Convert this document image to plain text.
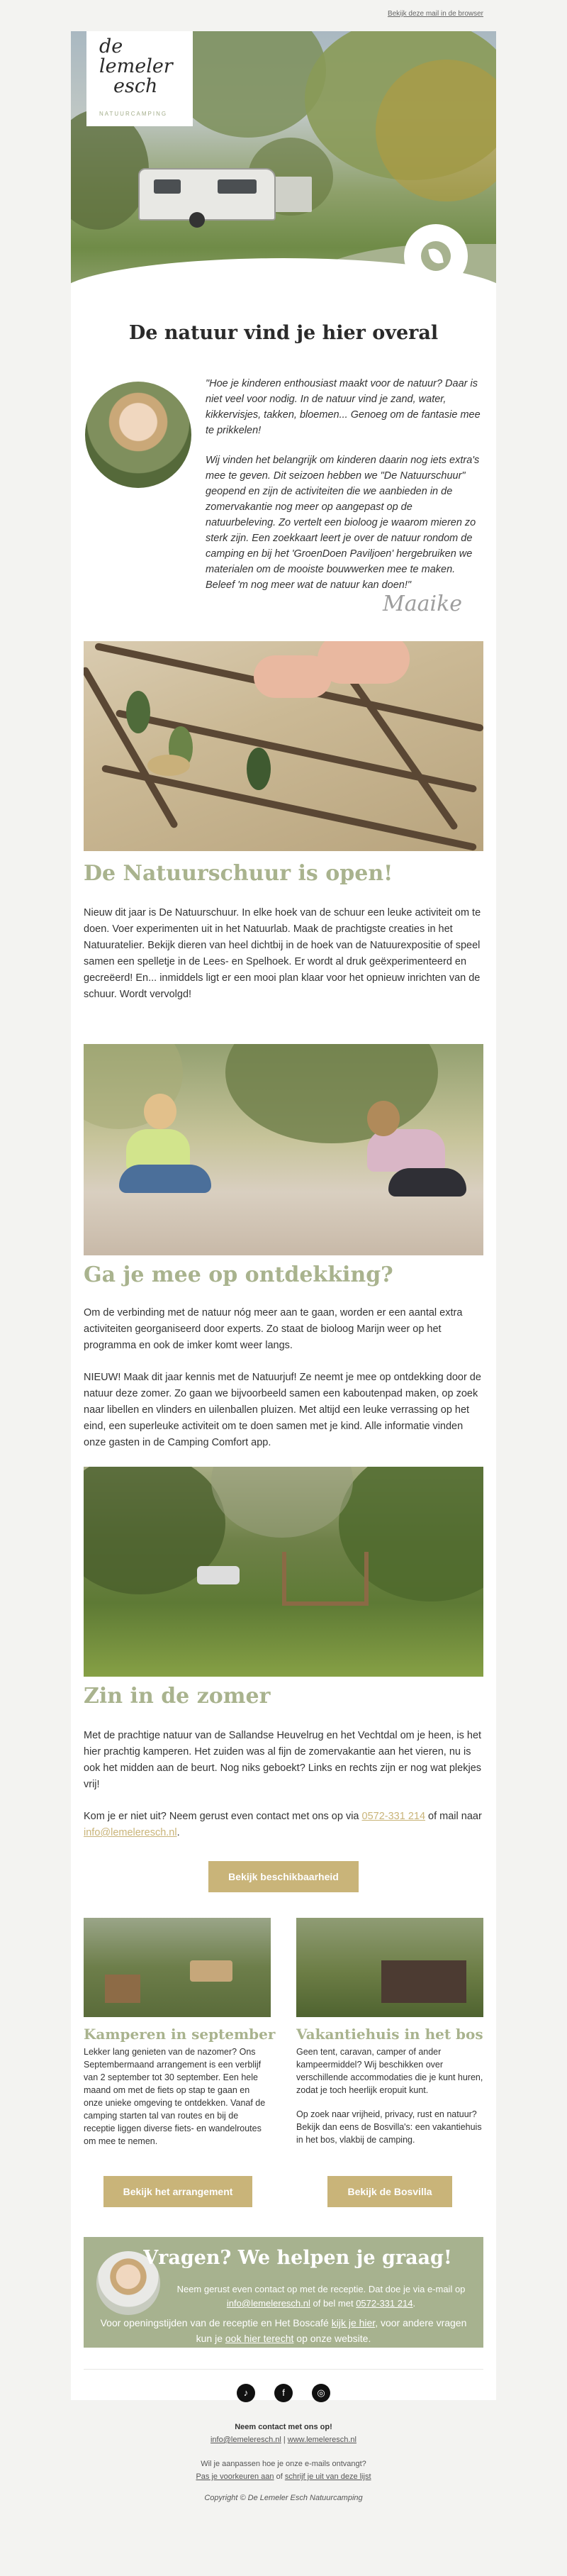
Bekijk deze mail in de browser
de
lemeler
esch
NATUURCAMPING
De natuur vind je hier overal

"Hoe je kinderen enthousiast maakt voor de natuur? Daar is niet veel voor nodig. In de natuur vind je zand, water, kikkervisjes, takken, bloemen... Genoeg om de fantasie mee te prikkelen!

Wij vinden het belangrijk om kinderen daarin nog iets extra's mee te geven. Dit seizoen hebben we "De Natuurschuur" geopend en zijn de activiteiten die we aanbieden in de zomervakantie nog meer op aangepast op de natuurbeleving. Zo vertelt een bioloog je waarom mieren zo sterk zijn. Een zoekkaart leert je over de natuur rondom de camping en bij het 'GroenDoen Paviljoen' hergebruiken we materialen om de mooiste bouwwerken mee te maken. Beleef 'm nog meer wat de natuur kan doen!"

Maaike
De Natuurschuur is open!

Nieuw dit jaar is De Natuurschuur. In elke hoek van de schuur een leuke activiteit om te doen. Voer experimenten uit in het Natuurlab. Maak de prachtigste creaties in het Natuuratelier. Bekijk dieren van heel dichtbij in de hoek van de Natuurexpositie of speel samen een spelletje in de Lees- en Spelhoek. Er wordt al druk geëxperimenteerd en gecreëerd! En... inmiddels ligt er een mooi plan klaar voor het opnieuw inrichten van de schuur. Wordt vervolgd!

Ga je mee op ontdekking?

Om de verbinding met de natuur nóg meer aan te gaan, worden er een aantal extra activiteiten georganiseerd door experts. Zo staat de bioloog Marijn weer op het programma en ook de imker komt weer langs.

NIEUW! Maak dit jaar kennis met de Natuurjuf! Ze neemt je mee op ontdekking door de natuur deze zomer. Zo gaan we bijvoorbeeld samen een kaboutenpad maken, op zoek naar libellen en vlinders en uilenballen pluizen. Met altijd een leuke verrassing op het eind, een superleuke activiteit om te doen samen met je kind. Alle informatie vinden onze gasten in de Camping Comfort app.

Zin in de zomer

Met de prachtige natuur van de Sallandse Heuvelrug en het Vechtdal om je heen, is het hier prachtig kamperen. Het zuiden was al fijn de zomervakantie aan het vieren, nu is ook het midden aan de beurt. Nog niks geboekt? Links en rechts zijn er nog wat plekjes vrij!

Kom je er niet uit? Neem gerust even contact met ons op via 0572-331 214 of mail naar info@lemeleresch.nl.

Bekijk beschikbaarheid
Kamperen in september Vakantiehuis in het bos

Lekker lang genieten van de nazomer? Ons Septembermaand arrangement is een verblijf van 2 september tot 30 september. Een hele maand om met de fiets op stap te gaan en onze unieke omgeving te ontdekken. Vanaf de camping starten tal van routes en bij de receptie liggen diverse fiets- en wandelroutes om mee te nemen.

Geen tent, caravan, camper of ander kampeermiddel? Wij beschikken over verschillende accommodaties die je kunt huren, zodat je toch heerlijk eropuit kunt.

Op zoek naar vrijheid, privacy, rust en natuur? Bekijk dan eens de Bosvilla's: een vakantiehuis in het bos, vlakbij de camping.

Bekijk het arrangement	Bekijk de Bosvilla
Vragen? We helpen je graag!

Neem gerust even contact op met de receptie. Dat doe je via e-mail op info@lemeleresch.nl of bel met 0572-331 214.

Voor openingstijden van de receptie en Het Boscafé kijk je hier, voor andere vragen kun je ook hier terecht op onze website.

♪	f	◎

Neem contact met ons op!

info@lemeleresch.nl | www.lemeleresch.nl

Wil je aanpassen hoe je onze e-mails ontvangt?

Pas je voorkeuren aan of schrijf je uit van deze lijst

Copyright © De Lemeler Esch Natuurcamping
